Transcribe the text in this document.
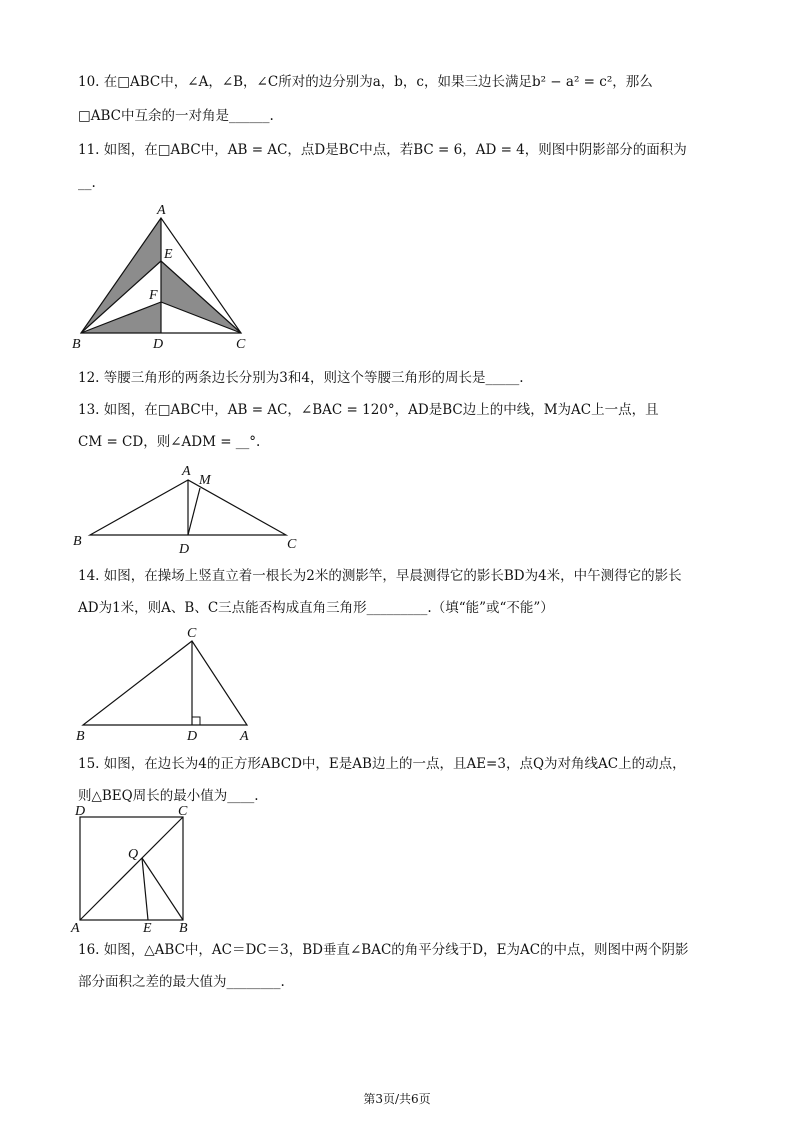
10. 在□ABC中，∠A，∠B，∠C所对的边分别为a，b，c，如果三边长满足b² − a² = c²，那么
□ABC中互余的一对角是______.
11. 如图，在□ABC中，AB = AC，点D是BC中点，若BC = 6，AD = 4，则图中阴影部分的面积为
__.
A
E
F
B	D	C
12. 等腰三角形的两条边长分别为3和4，则这个等腰三角形的周长是_____.
13. 如图，在□ABC中，AB = AC，∠BAC = 120°，AD是BC边上的中线，M为AC上一点，且
CM = CD，则∠ADM = __°.
A
M
B
D	C
14. 如图，在操场上竖直立着一根长为2米的测影竿，早晨测得它的影长BD为4米，中午测得它的影长
AD为1米，则A、B、C三点能否构成直角三角形_________.（填“能”或“不能”）
C
B	D	A
15. 如图，在边长为4的正方形ABCD中，E是AB边上的一点，且AE=3，点Q为对角线AC上的动点，
则△BEQ周长的最小值为____.
D	C
Q
A	E B
16. 如图，△ABC中，AC＝DC＝3，BD垂直∠BAC的角平分线于D，E为AC的中点，则图中两个阴影
部分面积之差的最大值为________.
第3页/共6页
